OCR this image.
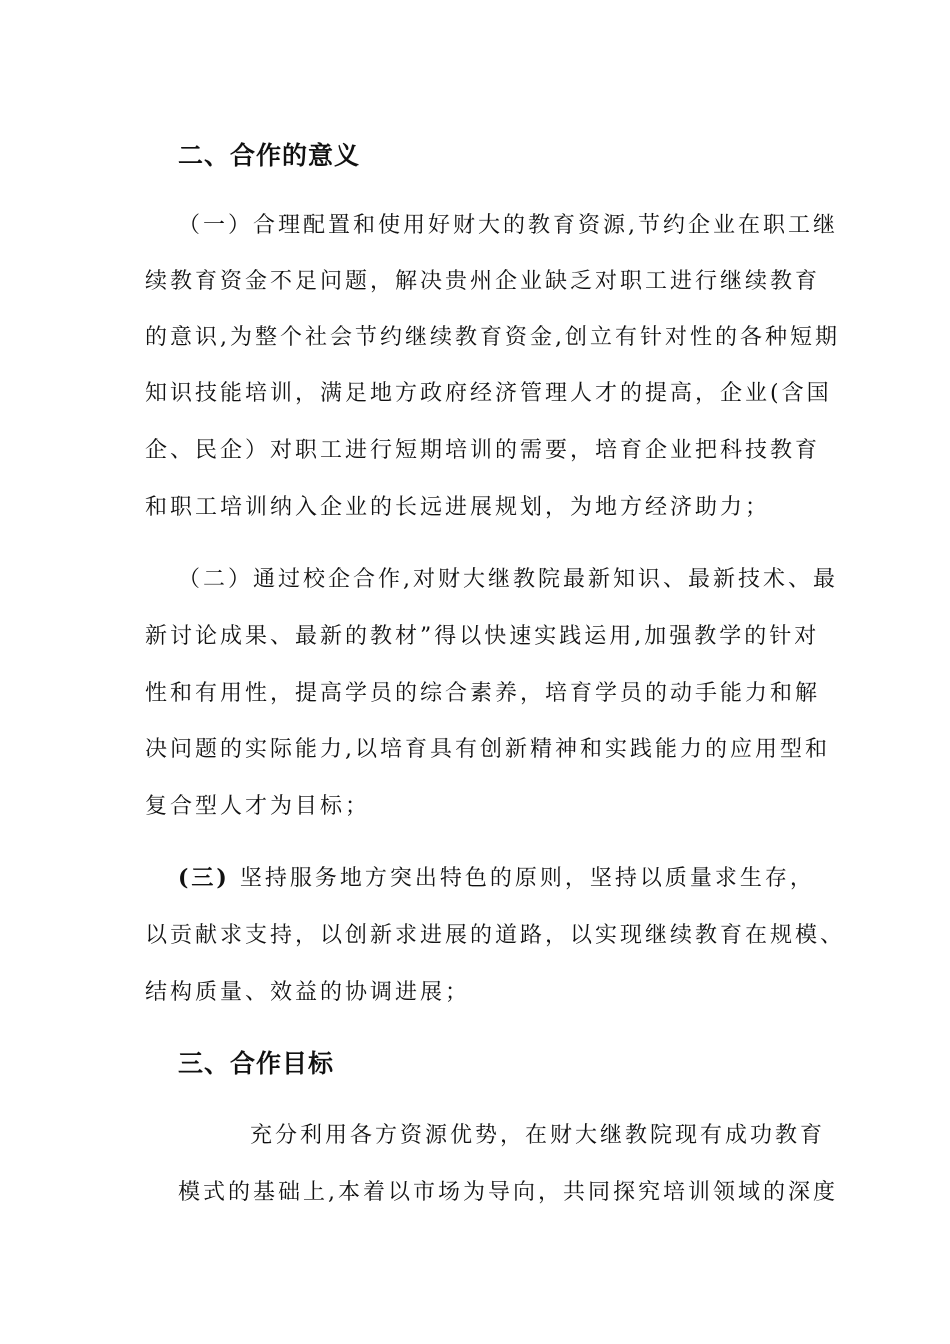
二、合作的意义

（一）合理配置和使用好财大的教育资源,节约企业在职工继

续教育资金不足问题，解决贵州企业缺乏对职工进行继续教育

的意识,为整个社会节约继续教育资金,创立有针对性的各种短期

知识技能培训，满足地方政府经济管理人才的提高，企业(含国

企、民企）对职工进行短期培训的需要，培育企业把科技教育

和职工培训纳入企业的长远进展规划，为地方经济助力；

（二）通过校企合作,对财大继教院最新知识、最新技术、最

新讨论成果、最新的教材”得以快速实践运用,加强教学的针对

性和有用性，提高学员的综合素养，培育学员的动手能力和解

决问题的实际能力,以培育具有创新精神和实践能力的应用型和

复合型人才为目标；

(三) 坚持服务地方突出特色的原则，坚持以质量求生存，

以贡献求支持，以创新求进展的道路，以实现继续教育在规模、

结构质量、效益的协调进展；

三、合作目标

充分利用各方资源优势，在财大继教院现有成功教育

模式的基础上,本着以市场为导向，共同探究培训领域的深度
